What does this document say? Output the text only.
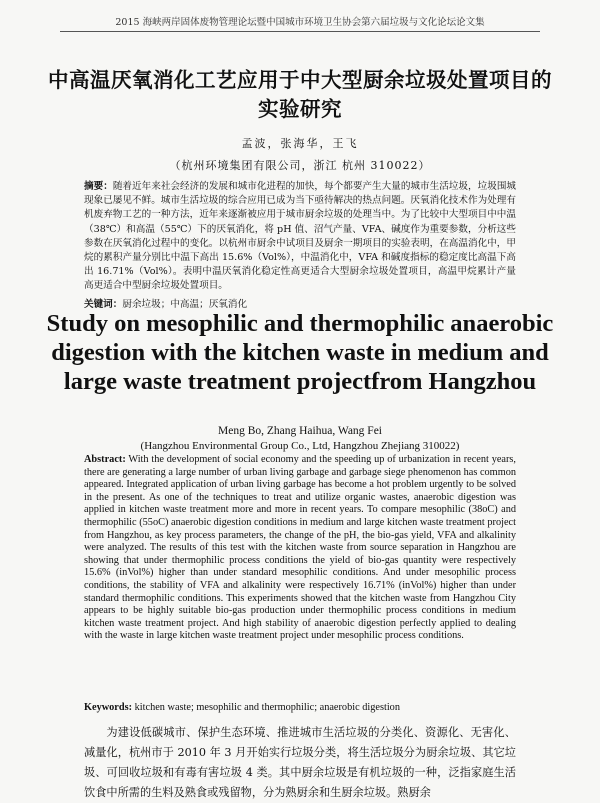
2015 海峡两岸固体废物管理论坛暨中国城市环境卫生协会第六届垃圾与文化论坛论文集
中高温厌氧消化工艺应用于中大型厨余垃圾处置项目的实验研究
孟波，张海华，王飞
（杭州环境集团有限公司，浙江 杭州 310022）
摘要：随着近年来社会经济的发展和城市化进程的加快，每个都要产生大量的城市生活垃圾，垃圾围城现象已屡见不鲜。城市生活垃圾的综合应用已成为当下亟待解决的热点问题。厌氧消化技术作为处理有机废弃物工艺的一种方法，近年来逐渐被应用于城市厨余垃圾的处理当中。为了比较中大型项目中中温（38℃）和高温（55℃）下的厌氧消化，将 pH 值、沼气产量、VFA、碱度作为重要参数，分析这些参数在厌氧消化过程中的变化。以杭州市厨余中试项目及厨余一期项目的实验表明，在高温消化中，甲烷的累积产量分别比中温下高出 15.6%（Vol%），中温消化中，VFA 和碱度指标的稳定度比高温下高出 16.71%（Vol%）。表明中温厌氧消化稳定性高更适合大型厨余垃圾处置项目，高温甲烷累计产量高更适合中型厨余垃圾处置项目。
关键词：厨余垃圾；中高温；厌氧消化
Study on mesophilic and thermophilic anaerobic digestion with the kitchen waste in medium and large waste treatment projectfrom Hangzhou
Meng Bo, Zhang Haihua, Wang Fei
(Hangzhou Environmental Group Co., Ltd, Hangzhou Zhejiang 310022)
Abstract: With the development of social economy and the speeding up of urbanization in recent years, there are generating a large number of urban living garbage and garbage siege phenomenon has common appeared. Integrated application of urban living garbage has become a hot problem urgently to be solved in the present. As one of the techniques to treat and utilize organic wastes, anaerobic digestion was applied in kitchen waste treatment more and more in recent years. To compare mesophilic (38oC) and thermophilic (55oC) anaerobic digestion conditions in medium and large kitchen waste treatment project from Hangzhou, as key process parameters, the change of the pH, the bio-gas yield, VFA and alkalinity were analyzed. The results of this test with the kitchen waste from source separation in Hangzhou are showing that under thermophilic process conditions the yield of bio-gas quantity were respectively 15.6% (inVol%) higher than under standard mesophilic conditions. And under mesophilic process conditions, the stability of VFA and alkalinity were respectively 16.71% (inVol%) higher than under standard thermophilic conditions. This experiments showed that the kitchen waste from Hangzhou City appears to be highly suitable bio-gas production under thermophilic process conditions in medium kitchen waste treatment project. And high stability of anaerobic digestion perfectly applied to dealing with the waste in large kitchen waste treatment project under mesophilic process conditions.
Keywords: kitchen waste; mesophilic and thermophilic; anaerobic digestion
为建设低碳城市、保护生态环境、推进城市生活垃圾的分类化、资源化、无害化、减量化，杭州市于 2010 年 3 月开始实行垃圾分类，将生活垃圾分为厨余垃圾、其它垃圾、可回收垃圾和有毒有害垃圾 4 类。其中厨余垃圾是有机垃圾的一种，泛指家庭生活饮食中所需的生料及熟食或残留物，分为熟厨余和生厨余垃圾。熟厨余
